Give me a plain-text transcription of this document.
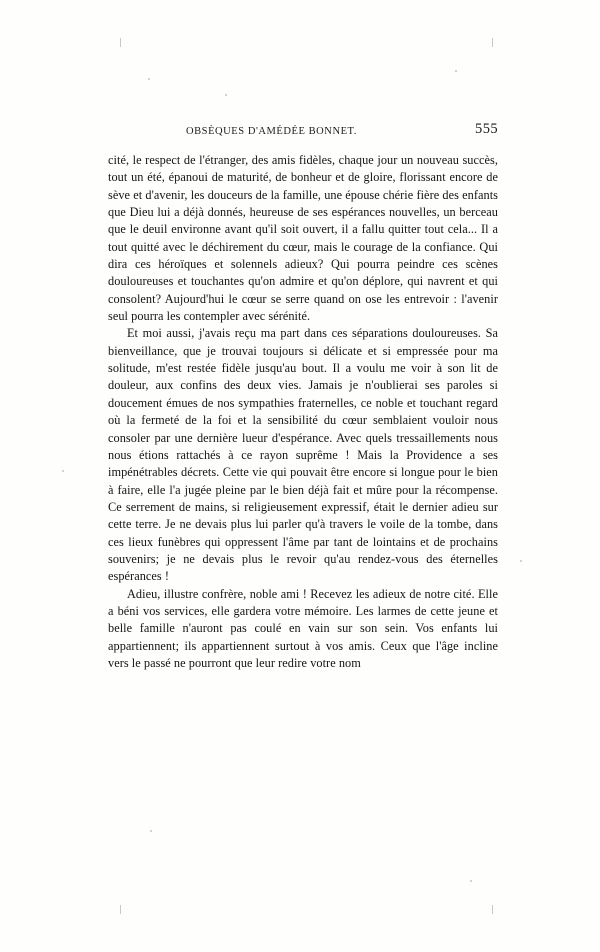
OBSÈQUES D'AMÉDÉE BONNET.	555

cité, le respect de l'étranger, des amis fidèles, chaque jour un nouveau succès, tout un été, épanoui de maturité, de bonheur et de gloire, florissant encore de sève et d'avenir, les douceurs de la famille, une épouse chérie fière des enfants que Dieu lui a déjà donnés, heureuse de ses espérances nouvelles, un berceau que le deuil environne avant qu'il soit ouvert, il a fallu quitter tout cela... Il a tout quitté avec le déchirement du cœur, mais le courage de la confiance. Qui dira ces héroïques et solennels adieux? Qui pourra peindre ces scènes douloureuses et touchantes qu'on admire et qu'on déplore, qui navrent et qui consolent? Aujourd'hui le cœur se serre quand on ose les entrevoir : l'avenir seul pourra les contempler avec sérénité.

Et moi aussi, j'avais reçu ma part dans ces séparations douloureuses. Sa bienveillance, que je trouvai toujours si délicate et si empressée pour ma solitude, m'est restée fidèle jusqu'au bout. Il a voulu me voir à son lit de douleur, aux confins des deux vies. Jamais je n'oublierai ses paroles si doucement émues de nos sympathies fraternelles, ce noble et touchant regard où la fermeté de la foi et la sensibilité du cœur semblaient vouloir nous consoler par une dernière lueur d'espérance. Avec quels tressaillements nous nous étions rattachés à ce rayon suprême ! Mais la Providence a ses impénétrables décrets. Cette vie qui pouvait être encore si longue pour le bien à faire, elle l'a jugée pleine par le bien déjà fait et mûre pour la récompense. Ce serrement de mains, si religieusement expressif, était le dernier adieu sur cette terre. Je ne devais plus lui parler qu'à travers le voile de la tombe, dans ces lieux funèbres qui oppressent l'âme par tant de lointains et de prochains souvenirs; je ne devais plus le revoir qu'au rendez-vous des éternelles espérances !

Adieu, illustre confrère, noble ami ! Recevez les adieux de notre cité. Elle a béni vos services, elle gardera votre mémoire. Les larmes de cette jeune et belle famille n'auront pas coulé en vain sur son sein. Vos enfants lui appartiennent; ils appartiennent surtout à vos amis. Ceux que l'âge incline vers le passé ne pourront que leur redire votre nom
